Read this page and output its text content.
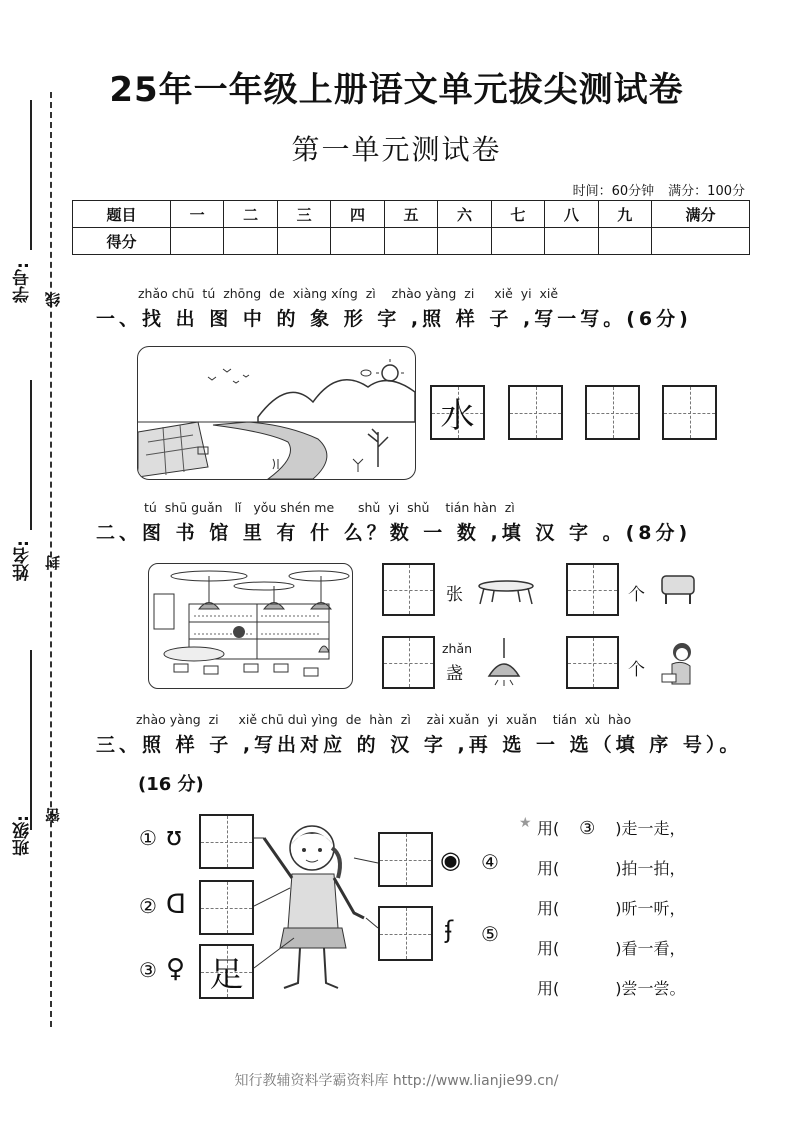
学号:
姓名:
班级:
线
封
密
25年一年级上册语文单元拔尖测试卷
第一单元测试卷
时间：60分钟 满分：100分
题目	一	二	三	四	五	六	七	八	九	满分
得分										
zhǎo chū  tú  zhōng  de  xiàng xíng  zì    zhào yàng  zi     xiě  yi  xiě
一、找 出 图 中 的 象 形 字 ,照 样 子 ,写一写。(6分)
水
tú  shū guǎn   lǐ   yǒu shén me      shǔ  yi  shǔ    tián hàn  zì
二、图 书 馆 里 有 什 么？数 一 数 ,填 汉 字 。(8分)
张	个
zhǎn
盏	个
zhào yàng  zi     xiě chū duì yìng  de  hàn  zì    zài xuǎn  yi  xuǎn    tián  xù  hào
三、照 样 子 ,写出对应 的 汉 字 ,再 选 一 选（填 序 号）。
(16 分)
① ʊ
② ᗡ
③ ♀ 足
◉ ④
ʄ ⑤
★ 用( ③ )走一走，
用(	)拍一拍，
用(	)听一听，
用(	)看一看，
用(	)尝一尝。
知行教辅资料学霸资料库 http://www.lianjie99.cn/
